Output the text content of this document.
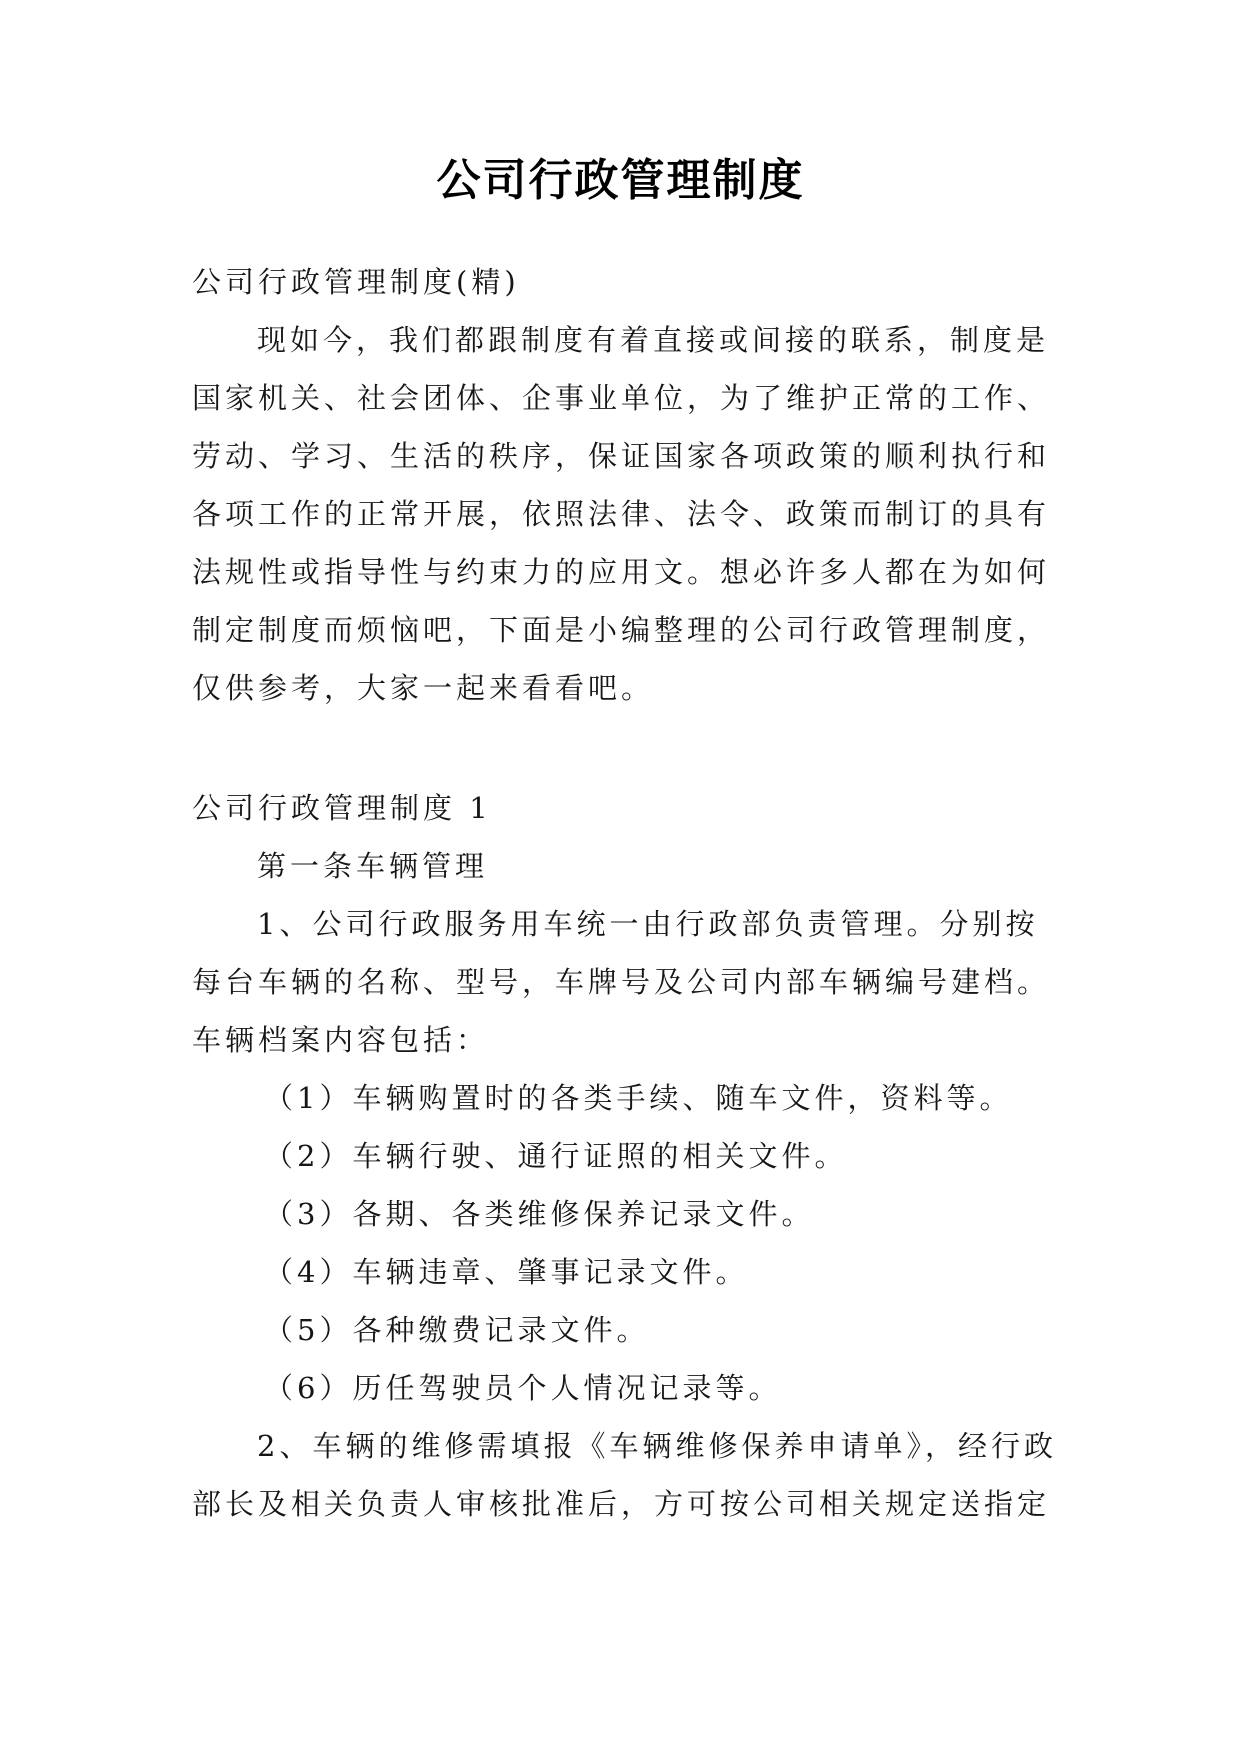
公司行政管理制度
公司行政管理制度(精)
现如今，我们都跟制度有着直接或间接的联系，制度是
国家机关、社会团体、企事业单位，为了维护正常的工作、
劳动、学习、生活的秩序，保证国家各项政策的顺利执行和
各项工作的正常开展，依照法律、法令、政策而制订的具有
法规性或指导性与约束力的应用文。想必许多人都在为如何
制定制度而烦恼吧，下面是小编整理的公司行政管理制度，
仅供参考，大家一起来看看吧。
公司行政管理制度 1
第一条车辆管理
1、公司行政服务用车统一由行政部负责管理。分别按
每台车辆的名称、型号，车牌号及公司内部车辆编号建档。
车辆档案内容包括：
（1）车辆购置时的各类手续、随车文件，资料等。
（2）车辆行驶、通行证照的相关文件。
（3）各期、各类维修保养记录文件。
（4）车辆违章、肇事记录文件。
（5）各种缴费记录文件。
（6）历任驾驶员个人情况记录等。
2、车辆的维修需填报《车辆维修保养申请单》，经行政
部长及相关负责人审核批准后，方可按公司相关规定送指定
